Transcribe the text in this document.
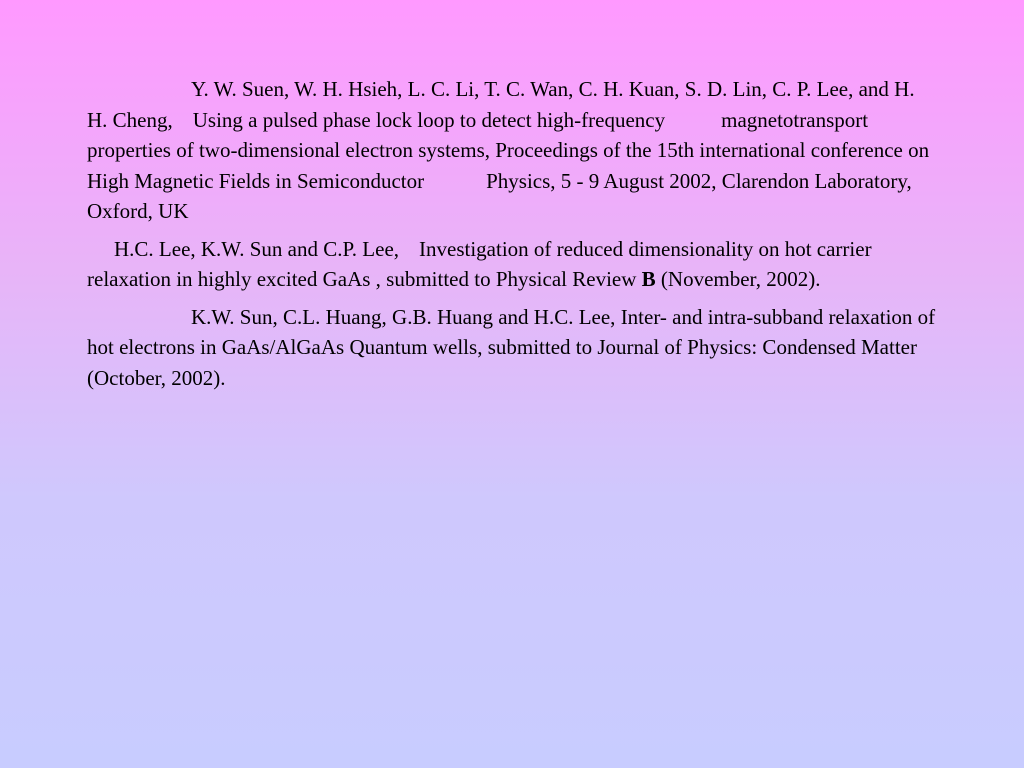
Y. W. Suen, W. H. Hsieh, L. C. Li, T. C. Wan, C. H. Kuan, S. D. Lin, C. P. Lee, and H. H. Cheng, Using a pulsed phase lock loop to detect high-frequency	magnetotransport properties of two-dimensional electron systems, Proceedings of the 15th international conference on High Magnetic Fields in Semiconductor	Physics, 5 - 9 August 2002, Clarendon Laboratory, Oxford, UK

H.C. Lee, K.W. Sun and C.P. Lee, Investigation of reduced dimensionality on hot carrier relaxation in highly excited GaAs , submitted to Physical Review B (November, 2002).

K.W. Sun, C.L. Huang, G.B. Huang and H.C. Lee, Inter- and intra-subband relaxation of hot electrons in GaAs/AlGaAs Quantum wells, submitted to Journal of Physics: Condensed Matter (October, 2002).
